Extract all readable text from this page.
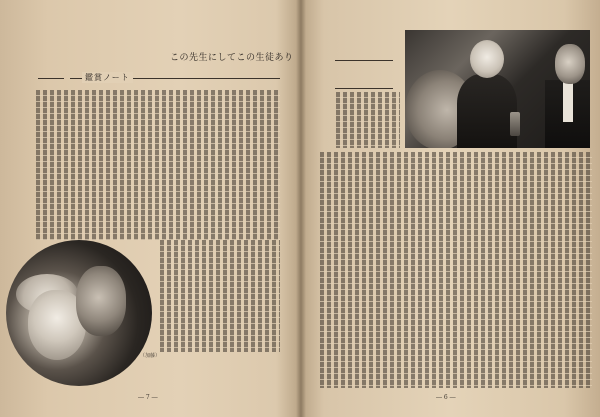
この先生にしてこの生徒あり
鑑賞ノート
（加藤）
― 7 ―	― 6 ―
